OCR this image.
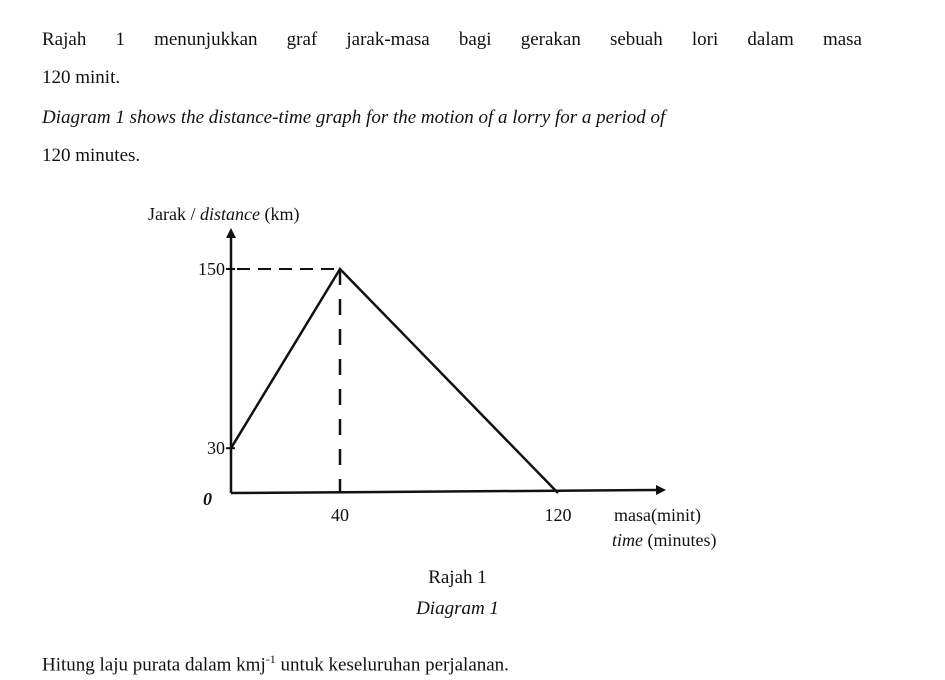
Rajah 1 menunjukkan graf jarak-masa bagi gerakan sebuah lori dalam masa

120 minit.

Diagram 1 shows the distance-time graph for the motion of a lorry for a period of

120 minutes.

Jarak / distance (km)
0
150
30
40	120 masa(minit)
time (minutes)

Rajah 1

Diagram 1

Hitung laju purata dalam kmj$^{-1}$ untuk keseluruhan perjalanan.
